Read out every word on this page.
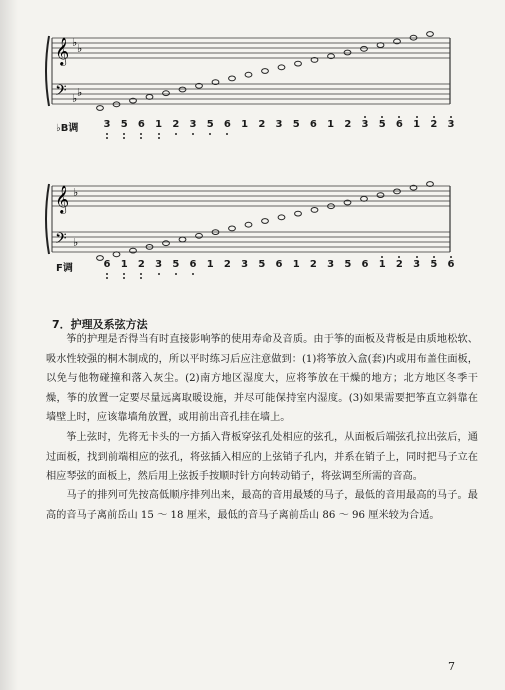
𝄞
𝄢
♭ ♭
♭ ♭
♭B调	3 5 6 1 2 3 5 6 1 2 3 5 6 1 2 3 5 6 1 2 3
𝄞
𝄢
♭
♭
F调	6 1 2 3 5 6 1 2 3 5 6 1 2 3 5 6 1 2 3 5 6
7．护理及系弦方法

筝的护理是否得当有时直接影响筝的使用寿命及音质。由于筝的面板及背板是由质地松软、吸水性较强的桐木制成的，所以平时练习后应注意做到：(1)将筝放入盒(套)内或用布盖住面板，以免与他物碰撞和落入灰尘。(2)南方地区湿度大，应将筝放在干燥的地方；北方地区冬季干燥，筝的放置一定要尽量远离取暖设施，并尽可能保持室内湿度。(3)如果需要把筝直立斜靠在墙壁上时，应该靠墙角放置，或用前出音孔挂在墙上。

筝上弦时，先将无卡头的一方插入背板穿弦孔处相应的弦孔，从面板后端弦孔拉出弦后，通过面板，找到前端相应的弦孔，将弦插入相应的上弦销子孔内，并系在销子上，同时把马子立在相应琴弦的面板上，然后用上弦扳手按顺时针方向转动销子，将弦调至所需的音高。

马子的排列可先按高低顺序排列出来，最高的音用最矮的马子，最低的音用最高的马子。最高的音马子离前岳山 15 ～ 18 厘米，最低的音马子离前岳山 86 ～ 96 厘米较为合适。

7
